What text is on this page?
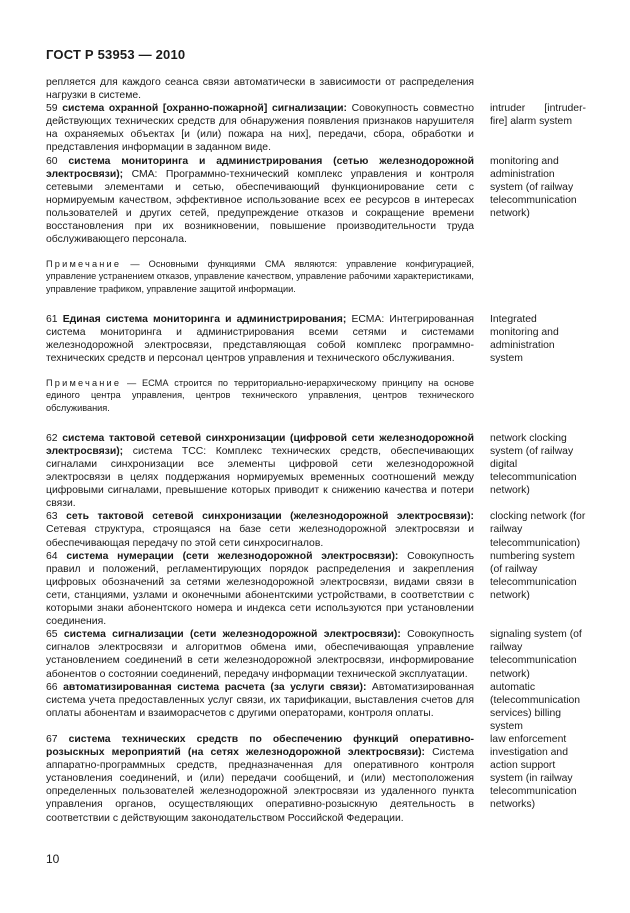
ГОСТ Р 53953 — 2010

репляется для каждого сеанса связи автоматически в зависимости от распределения нагрузки в системе.

59 система охранной [охранно-пожарной] сигнализации: Совокупность совместно действующих технических средств для обнаружения появления признаков нарушителя на охраняемых объектах [и (или) пожара на них], передачи, сбора, обработки и представления информации в заданном виде.

intruder [intruder-fire] alarm system

60 система мониторинга и администрирования (сетью железнодорожной электросвязи); СМА: Программно-технический комплекс управления и контроля сетевыми элементами и сетью, обеспечивающий функционирование сети с нормируемым качеством, эффективное использование всех ее ресурсов в интересах пользователей и других сетей, предупреждение отказов и сокращение времени восстановления при их возникновении, повышение производительности труда обслуживающего персонала.

monitoring and administration system (of railway telecommunication network)

Примечание — Основными функциями СМА являются: управление конфигурацией, управление устранением отказов, управление качеством, управление рабочими характеристиками, управление трафиком, управление защитой информации.

61 Единая система мониторинга и администрирования; ЕСМА: Интегрированная система мониторинга и администрирования всеми сетями и системами железнодорожной электросвязи, представляющая собой комплекс программно-технических средств и персонал центров управления и технического обслуживания.

Integrated monitoring and administration system

Примечание — ЕСМА строится по территориально-иерархическому принципу на основе единого центра управления, центров технического управления, центров технического обслуживания.

62 система тактовой сетевой синхронизации (цифровой сети железнодорожной электросвязи); система ТСС: Комплекс технических средств, обеспечивающих сигналами синхронизации все элементы цифровой сети железнодорожной электросвязи в целях поддержания нормируемых временных соотношений между цифровыми сигналами, превышение которых приводит к снижению качества и потери связи.

network clocking system (of railway digital telecommunication network)

63 сеть тактовой сетевой синхронизации (железнодорожной электросвязи): Сетевая структура, строящаяся на базе сети железнодорожной электросвязи и обеспечивающая передачу по этой сети синхросигналов.

clocking network (for railway telecommunication)

64 система нумерации (сети железнодорожной электросвязи): Совокупность правил и положений, регламентирующих порядок распределения и закрепления цифровых обозначений за сетями железнодорожной электросвязи, видами связи в сети, станциями, узлами и оконечными абонентскими устройствами, в соответствии с которыми знаки абонентского номера и индекса сети используются при установлении соединения.

numbering system (of railway telecommunication network)

65 система сигнализации (сети железнодорожной электросвязи): Совокупность сигналов электросвязи и алгоритмов обмена ими, обеспечивающая управление установлением соединений в сети железнодорожной электросвязи, информирование абонентов о состоянии соединений, передачу информации технической эксплуатации.

signaling system (of railway telecommunication network)

66 автоматизированная система расчета (за услуги связи): Автоматизированная система учета предоставленных услуг связи, их тарификации, выставления счетов для оплаты абонентам и взаиморасчетов с другими операторами, контроля оплаты.

automatic (telecommunication services) billing system

67 система технических средств по обеспечению функций оперативно-розыскных мероприятий (на сетях железнодорожной электросвязи): Система аппаратно-программных средств, предназначенная для оперативного контроля установления соединений, и (или) передачи сообщений, и (или) местоположения определенных пользователей железнодорожной электросвязи из удаленного пункта управления органов, осуществляющих оперативно-розыскную деятельность в соответствии с действующим законодательством Российской Федерации.

law enforcement investigation and action support system (in railway telecommunication networks)

10
